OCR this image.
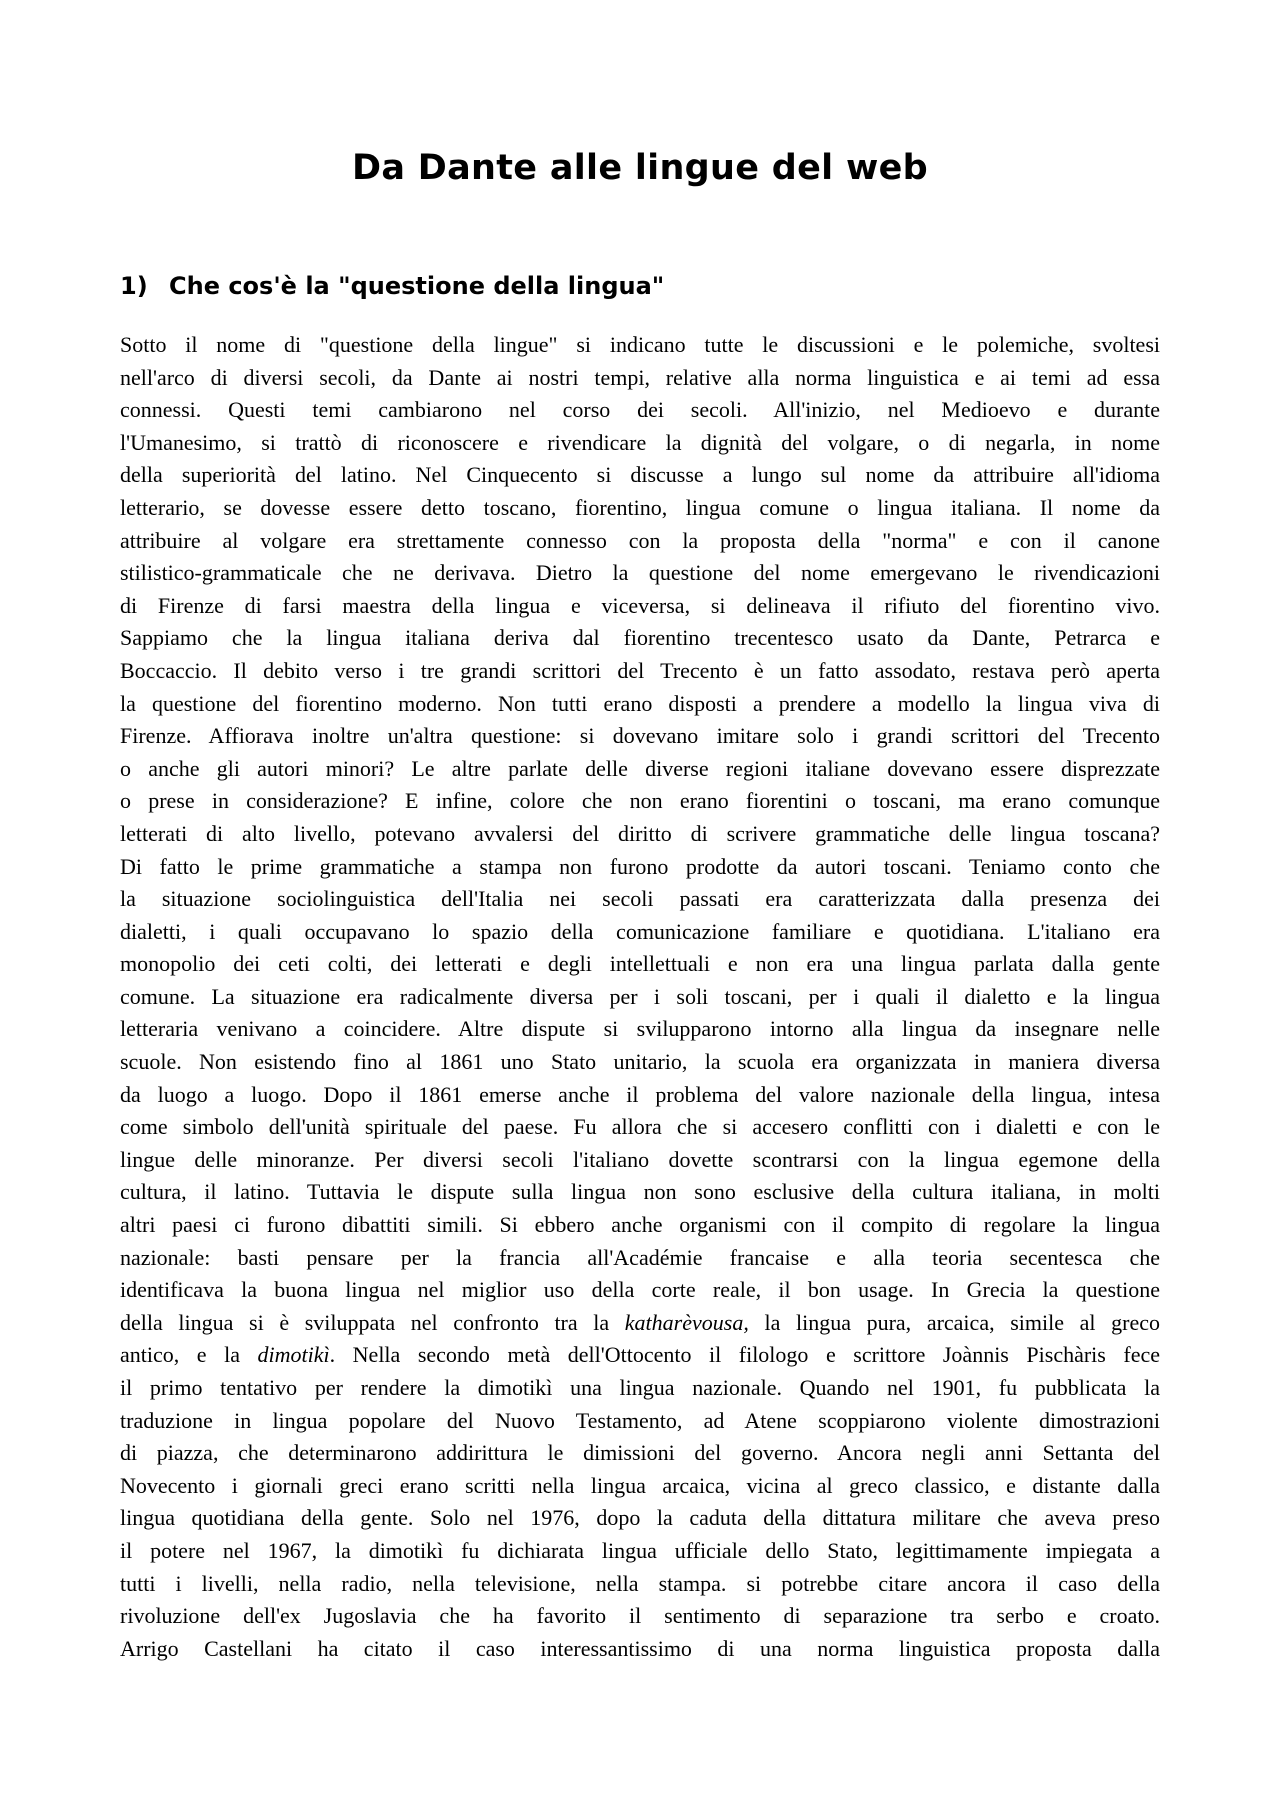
Da Dante alle lingue del web
1) Che cos'è la "questione della lingua"
Sotto il nome di "questione della lingue" si indicano tutte le discussioni e le polemiche, svoltesi
nell'arco di diversi secoli, da Dante ai nostri tempi, relative alla norma linguistica e ai temi ad essa
connessi. Questi temi cambiarono nel corso dei secoli. All'inizio, nel Medioevo e durante
l'Umanesimo, si trattò di riconoscere e rivendicare la dignità del volgare, o di negarla, in nome
della superiorità del latino. Nel Cinquecento si discusse a lungo sul nome da attribuire all'idioma
letterario, se dovesse essere detto toscano, fiorentino, lingua comune o lingua italiana. Il nome da
attribuire al volgare era strettamente connesso con la proposta della "norma" e con il canone
stilistico-grammaticale che ne derivava. Dietro la questione del nome emergevano le rivendicazioni
di Firenze di farsi maestra della lingua e viceversa, si delineava il rifiuto del fiorentino vivo.
Sappiamo che la lingua italiana deriva dal fiorentino trecentesco usato da Dante, Petrarca e
Boccaccio. Il debito verso i tre grandi scrittori del Trecento è un fatto assodato, restava però aperta
la questione del fiorentino moderno. Non tutti erano disposti a prendere a modello la lingua viva di
Firenze. Affiorava inoltre un'altra questione: si dovevano imitare solo i grandi scrittori del Trecento
o anche gli autori minori? Le altre parlate delle diverse regioni italiane dovevano essere disprezzate
o prese in considerazione? E infine, colore che non erano fiorentini o toscani, ma erano comunque
letterati di alto livello, potevano avvalersi del diritto di scrivere grammatiche delle lingua toscana?
Di fatto le prime grammatiche a stampa non furono prodotte da autori toscani. Teniamo conto che
la situazione sociolinguistica dell'Italia nei secoli passati era caratterizzata dalla presenza dei
dialetti, i quali occupavano lo spazio della comunicazione familiare e quotidiana. L'italiano era
monopolio dei ceti colti, dei letterati e degli intellettuali e non era una lingua parlata dalla gente
comune. La situazione era radicalmente diversa per i soli toscani, per i quali il dialetto e la lingua
letteraria venivano a coincidere. Altre dispute si svilupparono intorno alla lingua da insegnare nelle
scuole. Non esistendo fino al 1861 uno Stato unitario, la scuola era organizzata in maniera diversa
da luogo a luogo. Dopo il 1861 emerse anche il problema del valore nazionale della lingua, intesa
come simbolo dell'unità spirituale del paese. Fu allora che si accesero conflitti con i dialetti e con le
lingue delle minoranze. Per diversi secoli l'italiano dovette scontrarsi con la lingua egemone della
cultura, il latino. Tuttavia le dispute sulla lingua non sono esclusive della cultura italiana, in molti
altri paesi ci furono dibattiti simili. Si ebbero anche organismi con il compito di regolare la lingua
nazionale: basti pensare per la francia all'Académie francaise e alla teoria secentesca che
identificava la buona lingua nel miglior uso della corte reale, il bon usage. In Grecia la questione
della lingua si è sviluppata nel confronto tra la katharèvousa, la lingua pura, arcaica, simile al greco
antico, e la dimotikì. Nella secondo metà dell'Ottocento il filologo e scrittore Joànnis Pischàris fece
il primo tentativo per rendere la dimotikì una lingua nazionale. Quando nel 1901, fu pubblicata la
traduzione in lingua popolare del Nuovo Testamento, ad Atene scoppiarono violente dimostrazioni
di piazza, che determinarono addirittura le dimissioni del governo. Ancora negli anni Settanta del
Novecento i giornali greci erano scritti nella lingua arcaica, vicina al greco classico, e distante dalla
lingua quotidiana della gente. Solo nel 1976, dopo la caduta della dittatura militare che aveva preso
il potere nel 1967, la dimotikì fu dichiarata lingua ufficiale dello Stato, legittimamente impiegata a
tutti i livelli, nella radio, nella televisione, nella stampa. si potrebbe citare ancora il caso della
rivoluzione dell'ex Jugoslavia che ha favorito il sentimento di separazione tra serbo e croato.
Arrigo Castellani ha citato il caso interessantissimo di una norma linguistica proposta dalla
